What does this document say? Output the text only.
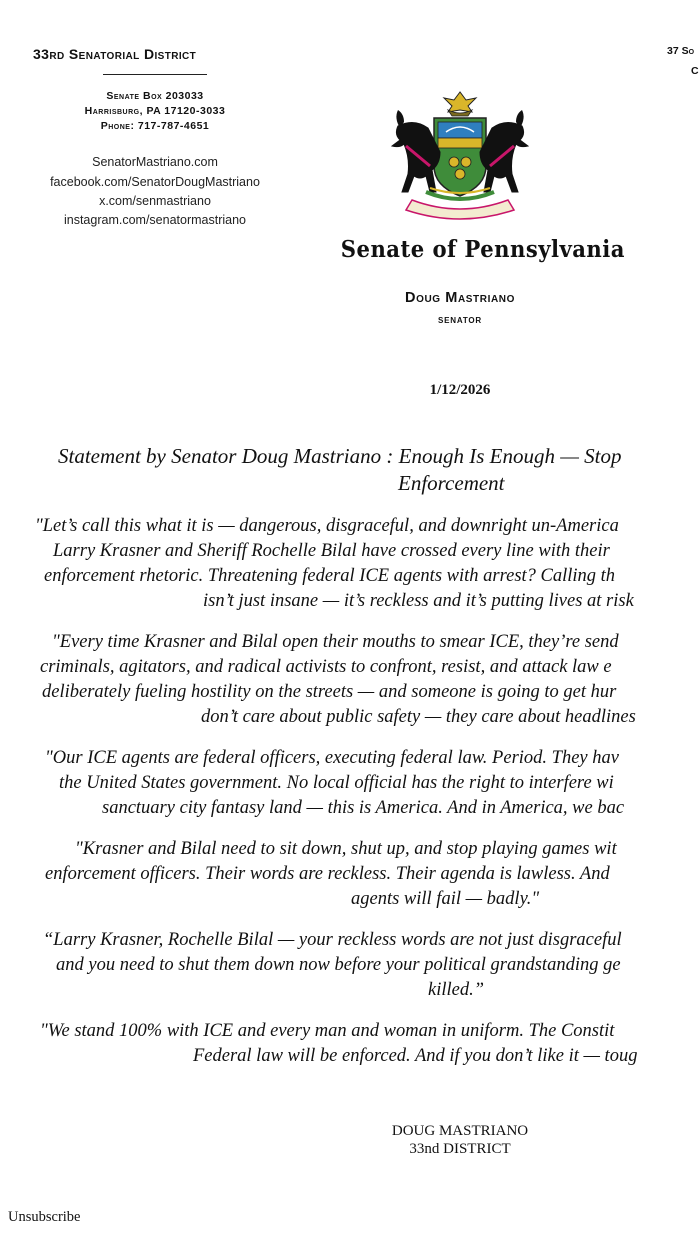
33rd Senatorial District
Senate Box 203033
Harrisburg, PA 17120-3033
Phone: 717-787-4651
SenatorMastriano.com
facebook.com/SenatorDougMastriano
x.com/senmastriano
instagram.com/senatormastriano
37 So
C
Senate of Pennsylvania
Doug Mastriano
senator
1/12/2026
Statement by Senator Doug Mastriano : Enough Is Enough — Stop
Enforcement
"Let’s call this what it is — dangerous, disgraceful, and downright un-America
Larry Krasner and Sheriff Rochelle Bilal have crossed every line with their
enforcement rhetoric. Threatening federal ICE agents with arrest? Calling th
isn’t just insane — it’s reckless and it’s putting lives at risk
"Every time Krasner and Bilal open their mouths to smear ICE, they’re send
criminals, agitators, and radical activists to confront, resist, and attack law e
deliberately fueling hostility on the streets — and someone is going to get hur
don’t care about public safety — they care about headlines
"Our ICE agents are federal officers, executing federal law. Period. They hav
the United States government. No local official has the right to interfere wi
sanctuary city fantasy land — this is America. And in America, we bac
"Krasner and Bilal need to sit down, shut up, and stop playing games wit
enforcement officers. Their words are reckless. Their agenda is lawless. And
agents will fail — badly."
“Larry Krasner, Rochelle Bilal — your reckless words are not just disgraceful
and you need to shut them down now before your political grandstanding ge
killed.”
"We stand 100% with ICE and every man and woman in uniform. The Constit
Federal law will be enforced. And if you don’t like it — toug
DOUG MASTRIANO
33nd DISTRICT
Unsubscribe
